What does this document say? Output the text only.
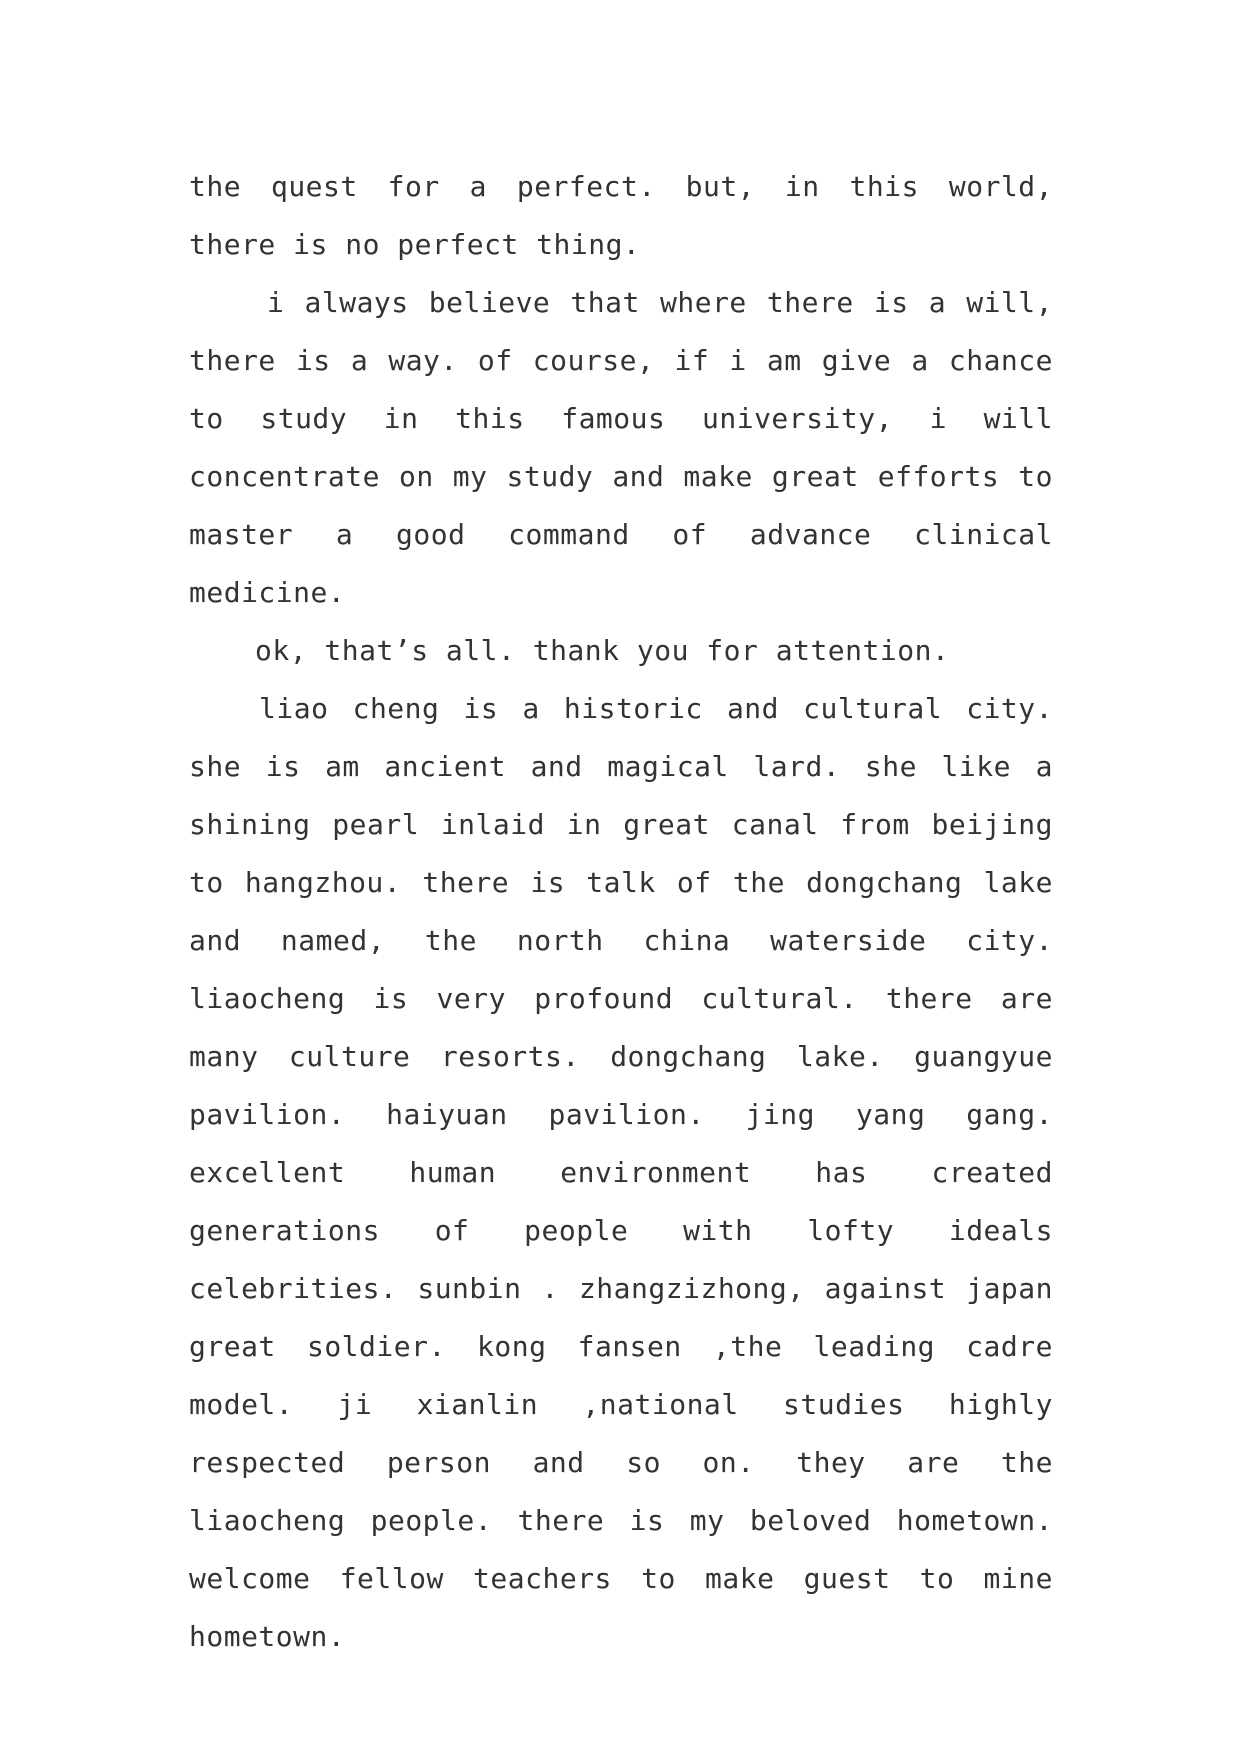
the quest for a perfect. but, in this world, there is no perfect thing.

i always believe that where there is a will, there is a way. of course, if i am give a chance to study in this famous university, i will concentrate on my study and make great efforts to master a good command of advance clinical medicine.

ok, that’s all. thank you for attention.

liao cheng is a historic and cultural city. she is am ancient and magical lard. she like a shining pearl inlaid in great canal from beijing to hangzhou. there is talk of the dongchang lake and named, the north china waterside city. liaocheng is very profound cultural. there are many culture resorts. dongchang lake. guangyue pavilion. haiyuan pavilion. jing yang gang. excellent human environment has created generations of people with lofty ideals celebrities. sunbin . zhangzizhong, against japan great soldier. kong fansen ,the leading cadre model. ji xianlin ,national studies highly respected person and so on. they are the liaocheng people. there is my beloved hometown. welcome fellow teachers to make guest to mine hometown.
